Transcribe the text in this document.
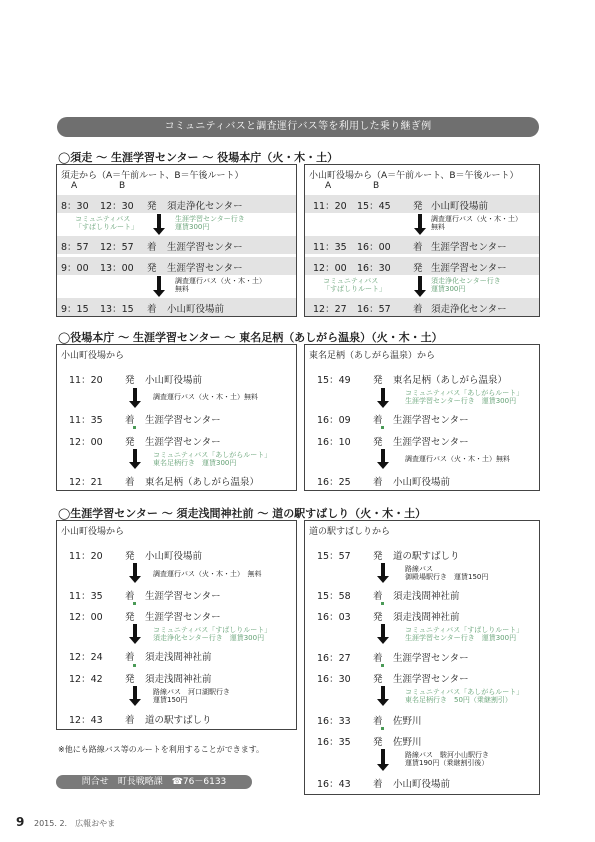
コミュニティバスと調査運行バス等を利用した乗り継ぎ例
◯須走 ～ 生涯学習センター ～ 役場本庁（火・木・土）
須走から（A＝午前ルート、B＝午後ルート）
A	B
8：30 12：30 発 須走浄化センター
コミュニティバス
「すばしりルート」
生涯学習センター行き
運賃300円
8：57 12：57 着 生涯学習センター
9：00 13：00 発 生涯学習センター
調査運行バス（火・木・土）
無料
9：15 13：15 着 小山町役場前
小山町役場から（A＝午前ルート、B＝午後ルート）
A	B
11：20 15：45 発 小山町役場前
調査運行バス（火・木・土）
無料
11：35 16：00 着 生涯学習センター
12：00 16：30 発 生涯学習センター
コミュニティバス
「すばしりルート」
須走浄化センター行き
運賃300円
12：27 16：57 着 須走浄化センター
◯役場本庁 ～ 生涯学習センター ～ 東名足柄（あしがら温泉）（火・木・土）
小山町役場から
11：20 発 小山町役場前
調査運行バス（火・木・土）無料
11：35 着 生涯学習センター
12：00 発 生涯学習センター
コミュニティバス「あしがらルート」
東名足柄行き　運賃300円
12：21 着 東名足柄（あしがら温泉）
東名足柄（あしがら温泉）から
15：49 発 東名足柄（あしがら温泉）
コミュニティバス「あしがらルート」
生涯学習センター行き　運賃300円
16：09 着 生涯学習センター
16：10 発 生涯学習センター
調査運行バス（火・木・土）無料
16：25 着 小山町役場前
◯生涯学習センター ～ 須走浅間神社前 ～ 道の駅すばしり（火・木・土）
小山町役場から
11：20 発 小山町役場前
調査運行バス（火・木・土）　無料
11：35 着 生涯学習センター
12：00 発 生涯学習センター
コミュニティバス「すばしりルート」
須走浄化センター行き　運賃300円
12：24 着 須走浅間神社前
12：42 発 須走浅間神社前
路線バス　河口湖駅行き
運賃150円
12：43 着 道の駅すばしり
道の駅すばしりから
15：57 発 道の駅すばしり
路線バス
御殿場駅行き　運賃150円
15：58 着 須走浅間神社前
16：03 発 須走浅間神社前
コミュニティバス「すばしりルート」
生涯学習センター行き　運賃300円
16：27 着 生涯学習センター
16：30 発 生涯学習センター
コミュニティバス「あしがらルート」
東名足柄行き　50円（乗継割引）
16：33 着 佐野川
16：35 発 佐野川
路線バス　駿河小山駅行き
運賃190円（乗継割引後）
16：43 着 小山町役場前
※他にも路線バス等のルートを利用することができます。
問合せ　町長戦略課　☎76－6133
9 2015. 2.　広報おやま
